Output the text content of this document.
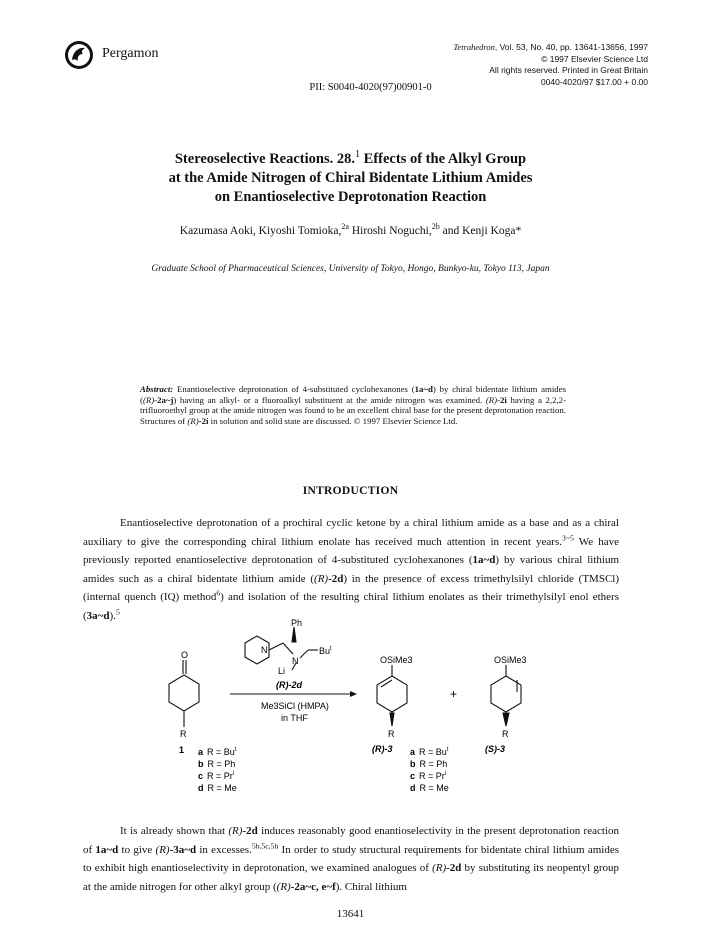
Pergamon	Tetrahedron, Vol. 53, No. 40, pp. 13641-13656, 1997
© 1997 Elsevier Science Ltd
All rights reserved. Printed in Great Britain
0040-4020/97 $17.00 + 0.00
PII: S0040-4020(97)00901-0
Stereoselective Reactions. 28.$^1$ Effects of the Alkyl Group
at the Amide Nitrogen of Chiral Bidentate Lithium Amides
on Enantioselective Deprotonation Reaction
Kazumasa Aoki, Kiyoshi Tomioka,$^{2a}$ Hiroshi Noguchi,$^{2b}$ and Kenji Koga*
Graduate School of Pharmaceutical Sciences, University of Tokyo, Hongo, Bunkyo-ku, Tokyo 113, Japan
Abstract: Enantioselective deprotonation of 4-substituted cyclohexanones (1a~d) by chiral bidentate lithium amides ((R)-2a~j) having an alkyl- or a fluoroalkyl substituent at the amide nitrogen was examined. (R)-2i having a 2,2,2-trifluoroethyl group at the amide nitrogen was found to be an excellent chiral base for the present deprotonation reaction. Structures of (R)-2i in solution and solid state are discussed. © 1997 Elsevier Science Ltd.
INTRODUCTION

Enantioselective deprotonation of a prochiral cyclic ketone by a chiral lithium amide as a base and as a chiral auxiliary to give the corresponding chiral lithium enolate has received much attention in recent years.$^{3\sim 5}$ We have previously reported enantioselective deprotonation of 4-substituted cyclohexanones (1a~d) by various chiral lithium amides such as a chiral bidentate lithium amide ((R)-2d) in the presence of excess trimethylsilyl chloride (TMSCl) (internal quench (IQ) method$^6$) and isolation of the resulting chiral lithium enolates as their trimethylsilyl enol ethers (3a~d).$^5$

O
R
1 a $R = Bu^t$
b R = Ph
c $R = Pr^i$
d R = Me
Ph
N
N
Li
Bu$^t$
(R)-2d
Me3SiCl (HMPA)
in THF
OSiMe3
R
(R)-3 a $R = Bu^t$
b R = Ph
c $R = Pr^i$
d R = Me
+
OSiMe3
R
(S)-3

It is already shown that (R)-2d induces reasonably good enantioselectivity in the present deprotonation reaction of 1a~d to give (R)-3a~d in excesses.$^{5b,5c,5h}$ In order to study structural requirements for bidentate chiral lithium amides to exhibit high enantioselectivity in deprotonation, we examined analogues of (R)-2d by substituting its neopentyl group at the amide nitrogen for other alkyl group ((R)-2a~c, e~f). Chiral lithium

13641
